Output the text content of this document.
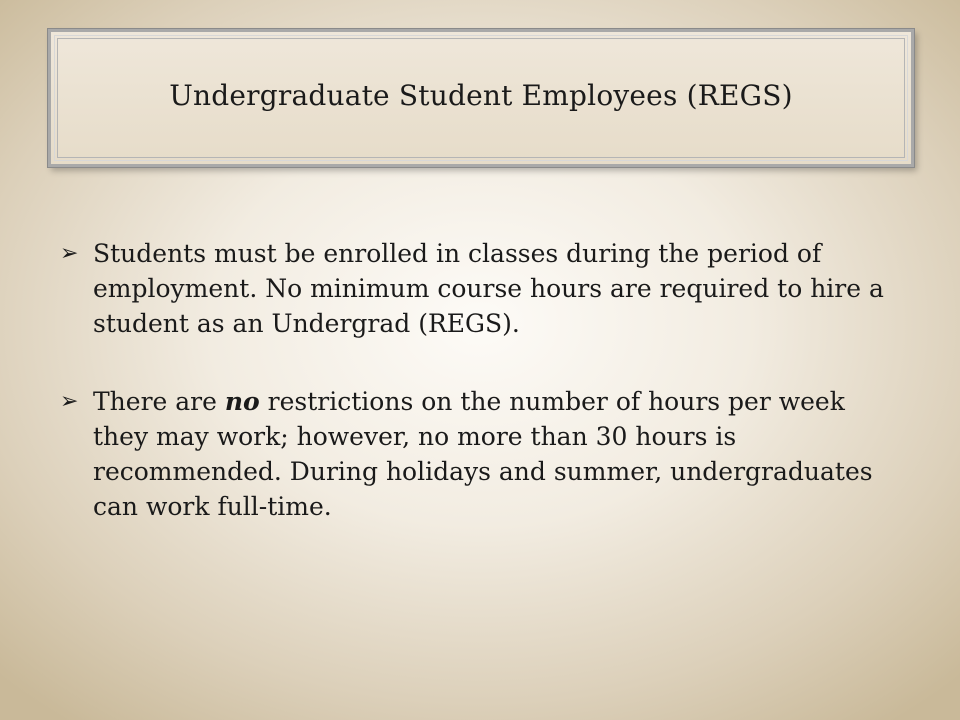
Undergraduate Student Employees (REGS)
➢ Students must be enrolled in classes during the period of employment. No minimum course hours are required to hire a student as an Undergrad (REGS).
➢ There are no restrictions on the number of hours per week they may work; however, no more than 30 hours is recommended. During holidays and summer, undergraduates can work full-time.
